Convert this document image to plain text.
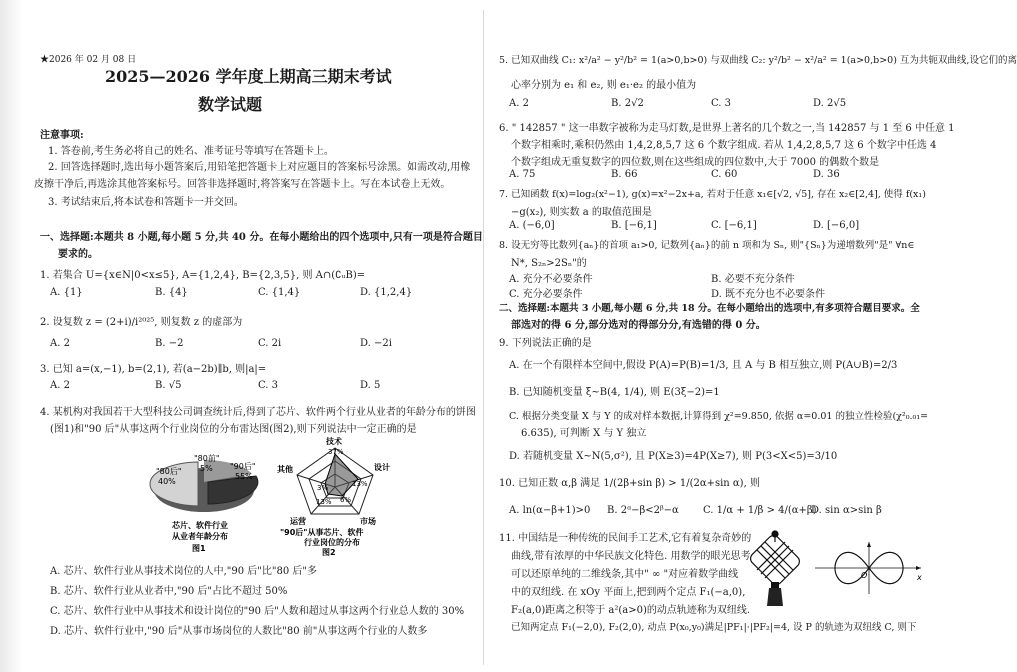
★2026 年 02 月 08 日
2025—2026 学年度上期高三期末考试
数学试题
注意事项:
1. 答卷前,考生务必将自己的姓名、准考证号等填写在答题卡上。
2. 回答选择题时,选出每小题答案后,用铅笔把答题卡上对应题目的答案标号涂黑。如需改动,用橡
皮擦干净后,再选涂其他答案标号。回答非选择题时,将答案写在答题卡上。写在本试卷上无效。
3. 考试结束后,将本试卷和答题卡一并交回。
一、选择题:本题共 8 小题,每小题 5 分,共 40 分。在每小题给出的四个选项中,只有一项是符合题目
要求的。
1. 若集合 U={x∈N|0<x≤5}, A={1,2,4}, B={2,3,5}, 则 A∩(∁ᵤB)=
A. {1}	B. {4}	C. {1,4}	D. {1,2,4}
2. 设复数 z = (2+i)/i²⁰²⁵, 则复数 z 的虚部为
A. 2	B. −2	C. 2i	D. −2i
3. 已知 a=(x,−1), b=(2,1), 若(a−2b)∥b, 则|a|=
A. 2	B. √5	C. 3	D. 5
4. 某机构对我国若干大型科技公司调查统计后,得到了芯片、软件两个行业从业者的年龄分布的饼图
(图1)和"90 后"从事这两个行业岗位的分布雷达图(图2),则下列说法中一定正确的是
"80后"
40%
"80前"
5% "90后"
55%
芯片、软件行业
从业者年龄分布
图1
技术
37%
设计
其他
市场
运营
3%
6%
13%
13%
"90后"从事芯片、软件
行业岗位的分布
图2
A. 芯片、软件行业从事技术岗位的人中,"90 后"比"80 后"多
B. 芯片、软件行业从业者中,"90 后"占比不超过 50%
C. 芯片、软件行业中从事技术和设计岗位的"90 后"人数和超过从事这两个行业总人数的 30%
D. 芯片、软件行业中,"90 后"从事市场岗位的人数比"80 前"从事这两个行业的人数多
5. 已知双曲线 C₁: x²/a² − y²/b² = 1(a>0,b>0) 与双曲线 C₂: y²/b² − x²/a² = 1(a>0,b>0) 互为共轭双曲线,设它们的离
心率分别为 e₁ 和 e₂, 则 e₁·e₂ 的最小值为
A. 2	B. 2√2	C. 3	D. 2√5
6. " 142857 " 这一串数字被称为走马灯数,是世界上著名的几个数之一,当 142857 与 1 至 6 中任意 1
个数字相乘时,乘积仍然由 1,4,2,8,5,7 这 6 个数字组成. 若从 1,4,2,8,5,7 这 6 个数字中任选 4
个数字组成无重复数字的四位数,则在这些组成的四位数中,大于 7000 的偶数个数是
A. 75	B. 66	C. 60	D. 36
7. 已知函数 f(x)=log₂(x²−1), g(x)=x²−2x+a, 若对于任意 x₁∈[√2, √5], 存在 x₂∈[2,4], 使得 f(x₁)
−g(x₂), 则实数 a 的取值范围是
A. (−6,0]	B. [−6,1]	C. [−6,1]	D. [−6,0]
8. 设无穷等比数列{aₙ}的首项 a₁>0, 记数列{aₙ}的前 n 项和为 Sₙ, 则"{Sₙ}为递增数列"是" ∀n∈
N*, S₂ₙ>2Sₙ"的
A. 充分不必要条件	B. 必要不充分条件
C. 充分必要条件	D. 既不充分也不必要条件
二、选择题:本题共 3 小题,每小题 6 分,共 18 分。在每小题给出的选项中,有多项符合题目要求。全
部选对的得 6 分,部分选对的得部分分,有选错的得 0 分。
9. 下列说法正确的是
A. 在一个有限样本空间中,假设 P(A)=P(B)=1/3, 且 A 与 B 相互独立,则 P(A∪B)=2/3
B. 已知随机变量 ξ~B(4, 1/4), 则 E(3ξ−2)=1
C. 根据分类变量 X 与 Y 的成对样本数据,计算得到 χ²=9.850, 依据 α=0.01 的独立性检验(χ²₀.₀₁=
6.635), 可判断 X 与 Y 独立
D. 若随机变量 X~N(5,σ²), 且 P(X≥3)=4P(X≥7), 则 P(3<X<5)=3/10
10. 已知正数 α,β 满足 1/(2β+sin β) > 1/(2α+sin α), 则
A. ln(α−β+1)>0 B. 2ᵅ−β<2ᵝ−α C. 1/α + 1/β > 4/(α+β)
D. sin α>sin β
11. 中国结是一种传统的民间手工艺术,它有着复杂奇妙的
曲线,带有浓厚的中华民族文化特色. 用数学的眼光思考
可以还原单纯的二维线条,其中" ∞ "对应着数学曲线
中的双纽线. 在 xOy 平面上,把到两个定点 F₁(−a,0),
F₂(a,0)距离之积等于 a²(a>0)的动点轨迹称为双纽线.
已知两定点 F₁(−2,0), F₂(2,0), 动点 P(x₀,y₀)满足|PF₁|·|PF₂|=4, 设 P 的轨迹为双纽线 C, 则下
x
O
